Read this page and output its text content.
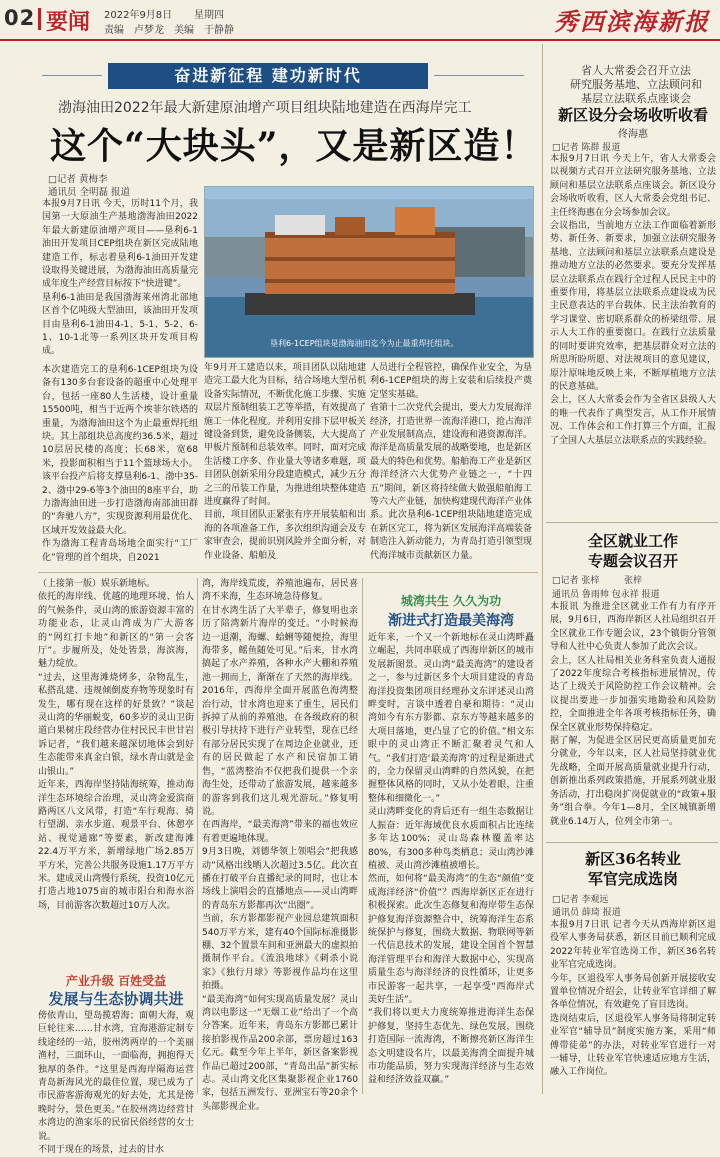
02 要闻 2022年9月8日 星期四
责编 卢梦龙 美编 于静静	秀西滨海新报
奋进新征程 建功新时代
渤海油田2022年最大新建原油增产项目组块陆地建造在西海岸完工
这个“大块头”，又是新区造！
□记者 黄梅李
通讯员 全明磊 报道

本报9月7日讯 今天，历时11个月，我国第一大原油生产基地渤海油田2022年最大新建原油增产项目——垦利6-1油田开发项目CEP组块在新区完成陆地建造工作，标志着垦利6-1油田开发建设取得关键进展，为渤海油田高质量完成年度生产经营目标按下“快进键”。

垦利6-1油田是我国渤海莱州湾北部地区首个亿吨级大型油田，该油田开发项目由垦利6-1油田4-1、5-1、5-2、6-1、10-1北等一系列区块开发项目构成。

垦利6-1CEP组块是渤海油田迄今为止最重焊托组块。

本次建造完工的垦利6-1CEP组块为设备有130多台套设备的超重中心处理平台，包括一座80人生活楼，设计重量15500吨，相当于近两个埃菲尔铁塔的重量，为渤海油田这个为止最重焊托组块。其上部组块总高度约36.5米，超过10层居民楼的高度；长68米，宽68米，投影面积相当于11个篮球场大小。

该平台投产后将支撑垦利6-1、渤中35-2、渤中29-6等3个油田的8座平台，助力渤海油田进一步打造渤海南部油田群的“奔驰八方”，实现资源利用最优化、区域开发效益最大化。

作为渤海工程青岛场地全面实行“工厂化”管理的首个组块，自2021

年9月开工建造以来，项目团队以陆地建造完工最大化为目标，结合场地大型吊机设备实际情况，不断优化施工步骤、实施双层片预制组装工艺等举措，有效提高了施工一体化程度。并利用安排下层甲板关键设备到货，避免设备侧装，大大提高了甲板片预制和总装效率。同时，面对完成生活楼工序多、作业量大等诸多难题，项目团队创新采用分段建造模式，减少五分之三的吊装工作量，为推进组块整体建造进度赢得了时间。

目前，项目团队正紧张有序开展装船和出海的各项准备工作，多次组织沟通会及专家审查会，提前识别风险并全面分析，对作业设备、船舶及

人员进行全程管控，确保作业安全，为垦利6-1CEP组块的海上安装和后续投产奠定坚实基础。

省第十二次党代会提出，要大力发展海洋经济，打造世界一流海洋港口，抢占海洋产业发展制高点，建设海和港资源海洋。海洋是高质量发展的战略要地，也是新区最大的特色和优势。船舶海工产业是新区海洋经济六大优势产业链之一，“十四五”期间，新区将持续做大做强船舶海工等六大产业链，加快构建现代海洋产业体系。此次垦利6-1CEP组块陆地建造完成在新区完工，将为新区发展海洋高端装备制造注入新动能力，为青岛打造引领型现代海洋城市贡献新区力量。

（上接第一版）娱乐新地标。

依托的海岸线、优越的地理环境、怡人的气候条件，灵山湾的旅游资源丰富的功能业态，让灵山湾成为广大游客的“网红打卡地”和新区的“第一会客厅”。步履所及，处处皆景，海滨海，魅力绽放。

“过去，这里海滩烧烤多，杂物乱生，私搭乱建、违规倾倒废弃物等现象时有发生，哪有现在这样的好景致？”谈起灵山湾的华丽蜕变，60多岁的灵山卫街道白果树庄段经营办住村民民丰世甘岩诉记者，“我们越来越深切地体会到好生态能带来真金白银，绿水青山就是金山银山。”

近年来，西海岸坚持陆海统筹，推动海洋生态环境综合治理，灵山湾金爱滨商路两区八文风带，打造“车行观海、骑行望湖、亲水步道、观景平台、休憩亭站、视觉通廊”等要素，新改建海滩22.4万平方米，新增绿地广场2.85万平方米，完善公共服务设施1.17万平方米。建成灵山湾慢行系统，投资10亿元打造占地1075亩的城市阳台和海水浴场，目前游客次数超过10万人次。

产业升级 百姓受益
发展与生态协调共进

傍依青山，望岛揽碧海；面朝大海，观巨轮往来……甘水湾，宜海港游定制专线途经的一站，胶州湾两岸的一个美丽渔村，三面环山，一面临海，拥抱得天独厚的条件。“这里是西海岸隔海运营青岛新海风光的最佳位置，现已成为了市民游客游海观光的好去处，尤其是傍晚时分，景色更美。”在胶州湾边经营甘水湾边的渔家乐的民宿民俗经营的女士说。

不同于现在的场景，过去的甘水

湾，海岸线荒废，养殖池遍布，居民喜湾不来海，生态环境急待修复。

在甘水湾生活了大半辈子，修复明也亲历了陪湾新片海岸的变迁。“小时候海边一退潮，海螺、蛤蜊等随便捡，海里海带多，鳐鱼随处可见。”后来，甘水湾搞起了水产养殖，各种水产大棚和养殖池一拥而上，渐渐在了天然的海岸线。2016年，西海岸全面开展蓝色海湾整治行动，甘水湾也迎来了重生，居民们拆掉了从前的养殖池，在各级政府的积极引导扶持下进行产业转型，现在已经有部分居民实现了在周边企业就业，还有的居民做起了水产和民宿加工销售，“蓝湾整治不仅把我们提供一个亲海生处，还带动了旅游发展，越来越多的游客到我们这儿观光游玩。”修复明说。

在西海岸，“最美海湾”带来的福也效应有着更遍地体现。

9月3日晚，刘德华领上领唱会“把我感动”风格出线晒人次超过3.5亿。此次直播在打破平台直播纪录的同时，也让本场线上演唱会的直播地点——灵山湾畔的青岛东方影都再次“出圈”。

当前，东方影都影视产业园总建筑面积540万平方米，建有40个国际标准摄影棚、32个置景车间和亚洲最大的虚拟拍摄制作平台。《流浪地球》《刺杀小说家》《独行月球》等影视作品均在这里拍摄。

“最美海湾”如何实现高质量发展？灵山湾以电影这一“无烟工业”给出了一个高分答案。近年来，青岛东方影都已累计接拍影视作品200余部，票房超过163亿元。截至今年上半年，新区备案影视作品已超过200部，“青岛出品”新实标志。灵山湾文化区集聚影视企业1760家，包括五洲发行、亚洲宝石等20余个头部影视企业。

城湾共生 久久为功
渐进式打造最美海湾

近年来，一个又一个新地标在灵山湾畔矗立崛起，共同串联成了西海岸新区的城市发展新图景。灵山湾“最美海湾”的建设者之一，参与过新区多个大项目建设的青岛海洋投资集团项目经理孙文东评述灵山湾畔变时，言谈中透着自豪和期待：“灵山湾如今有东方影都、京东方等越来越多的大项目落地，更凸显了它的价值。”相文东眼中的灵山湾正不断汇聚着灵气和人气。“我们打造‘最美海湾’的过程是渐进式的，全力保留灵山湾畔的自然风貌，在把握整体风格的同时，又从小处着眼，注重整体和细微化一。”

灵山湾畔变化的背后还有一组生态数据让人振奋：近年海域优良水质面积占比连续多年达100%；灵山岛森林覆盖率达80%，有300多种鸟类栖息；灵山湾沙滩植被、灵山湾沙滩植被增长。

然而，如何将“最美海湾”的生态“颜值”变成海洋经济“价值”？西海岸新区正在进行积极探索。此次生态修复和海岸带生态保护修复海洋资源整合中，统筹海洋生态系统保护与修复，围绕大数据、物联网等新一代信息技术的发展，建设全国首个智慧海洋管理平台和海洋大数据中心，实现高质量生态与海洋经济的良性循环，让更多市民游客一起共享，一起享受“西海岸式美好生活”。

“我们将以更大力度统筹推进海洋生态保护修复，坚持生态优先、绿色发展，围绕打造国际一流海湾，不断擦亮新区海洋生态文明建设名片，以最美海湾全面提升城市功能品质，努力实现海洋经济与生态效益和经济效益双赢。”

省人大常委会召开立法
研究服务基地、立法顾问和
基层立法联系点座谈会
新区设分会场收听收看
佟海惠
□记者 陈群 报道

本报9月7日讯 今天上午，省人大常委会以视频方式召开立法研究服务基地、立法顾问和基层立法联系点座谈会。新区设分会场收听收看，区人大常委会党组书记、主任终海惠在分会场参加会议。

会议指出，当前地方立法工作面临着新形势、新任务、新要求，加强立法研究服务基地、立法顾问和基层立法联系点建设是推动地方立法的必然要求。要充分发挥基层立法联系点在践行全过程人民民主中的重要作用，将基层立法联系点建设成为民主民意表达的平台载体、民主法治教育的学习课堂、密切联系群众的桥梁纽带、展示人大工作的重要窗口。在践行立法质量的同时要讲究效率，把基层群众对立法的所思所盼所愿、对法规项目的意见建议，原汁原味地反映上来，不断厚植地方立法的民意基础。

会上，区人大常委会作为全省区县级人大的唯一代表作了典型发言，从工作开展情况、工作体会和工作打算三个方面，汇报了全国人大基层立法联系点的实践经验。

全区就业工作
专题会议召开
张梓
□记者 张梓
通讯员 鲁雨帅 包永祥 报道

本报讯 为推进全区就业工作有力有序开展，9月6日，西海岸新区人社局组织召开全区就业工作专题会议，23个镇街分管领导和人社中心负责人参加了此次会议。

会上，区人社局相关业务科室负责人通报了2022年度综合考核指标进展情况，传达了上级关于风险防控工作会议精神。会议提出要进一步加强实地勘验和风险防控，全面推进全年各项考核指标任务，确保全区就业形势保持稳定。

据了解，为促进全区居民更高质量更加充分就业，今年以来，区人社局坚持就业优先战略，全面开展高质量就业提升行动，创新推出系列政策措施，开展系列就业服务活动，打出稳岗扩岗促就业的“政策+服务”组合拳。今年1—8月，全区城镇新增就业6.14万人，位列全市第一。

新区36名转业
军官完成选岗
□记者 李观远
通讯员 薛琦 报道

本报9月7日讯 记者今天从西海岸新区退役军人事务局获悉，新区目前已顺利完成2022年转业军官选岗工作，新区36名转业军官完成选岗。

今年，区退役军人事务局创新开展接收安置单位情况介绍会，让转业军官详细了解各单位情况，有效避免了盲目选岗。

选岗结束后，区退役军人事务局将制定转业军官“辅导员”制度实施方案，采用“师傅带徒弟”的办法，对转业军官进行一对一辅导，让转业军官快速适应地方生活，融入工作岗位。
